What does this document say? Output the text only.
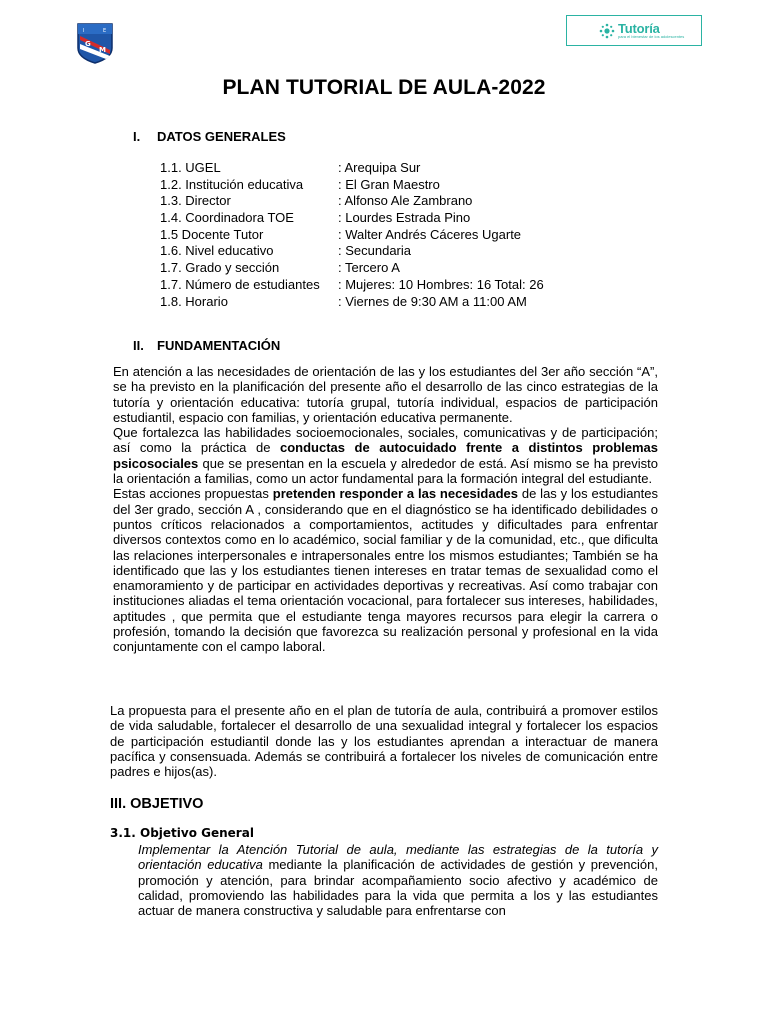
I	E
G
M
Tutoría
para el bienestar de los adolescentes
PLAN TUTORIAL DE AULA-2022
I. DATOS GENERALES
1.1. UGEL	: Arequipa Sur
1.2. Institución educativa	: El Gran Maestro
1.3. Director	: Alfonso Ale Zambrano
1.4. Coordinadora TOE	: Lourdes Estrada Pino
1.5 Docente Tutor	: Walter Andrés Cáceres Ugarte
1.6. Nivel educativo	: Secundaria
1.7. Grado y sección	: Tercero A
1.7. Número de estudiantes : Mujeres: 10 Hombres: 16 Total: 26
1.8. Horario	: Viernes de 9:30 AM a 11:00 AM
II. FUNDAMENTACIÓN

En atención a las necesidades de orientación de las y los estudiantes del 3er año sección “A”, se ha previsto en la planificación del presente año el desarrollo de las cinco estrategias de la tutoría y orientación educativa: tutoría grupal, tutoría individual, espacios de participación estudiantil, espacio con familias, y orientación educativa permanente.

Que fortalezca las habilidades socioemocionales, sociales, comunicativas y de participación; así como la práctica de conductas de autocuidado frente a distintos problemas psicosociales que se presentan en la escuela y alrededor de está. Así mismo se ha previsto la orientación a familias, como un actor fundamental para la formación integral del estudiante.

Estas acciones propuestas pretenden responder a las necesidades de las y los estudiantes del 3er grado, sección A , considerando que en el diagnóstico se ha identificado debilidades o puntos críticos relacionados a comportamientos, actitudes y dificultades para enfrentar diversos contextos como en lo académico, social familiar y de la comunidad, etc., que dificulta las relaciones interpersonales e intrapersonales entre los mismos estudiantes; También se ha identificado que las y los estudiantes tienen intereses en tratar temas de sexualidad como el enamoramiento y de participar en actividades deportivas y recreativas. Así como trabajar con instituciones aliadas el tema orientación vocacional, para fortalecer sus intereses, habilidades, aptitudes , que permita que el estudiante tenga mayores recursos para elegir la carrera o profesión, tomando la decisión que favorezca su realización personal y profesional en la vida conjuntamente con el campo laboral.

La propuesta para el presente año en el plan de tutoría de aula, contribuirá a promover estilos de vida saludable, fortalecer el desarrollo de una sexualidad integral y fortalecer los espacios de participación estudiantil donde las y los estudiantes aprendan a interactuar de manera pacífica y consensuada. Además se contribuirá a fortalecer los niveles de comunicación entre padres e hijos(as).

III. OBJETIVO
3.1. Objetivo General

Implementar la Atención Tutorial de aula, mediante las estrategias de la tutoría y orientación educativa mediante la planificación de actividades de gestión y prevención, promoción y atención, para brindar acompañamiento socio afectivo y académico de calidad, promoviendo las habilidades para la vida que permita a los y las estudiantes actuar de manera constructiva y saludable para enfrentarse con
